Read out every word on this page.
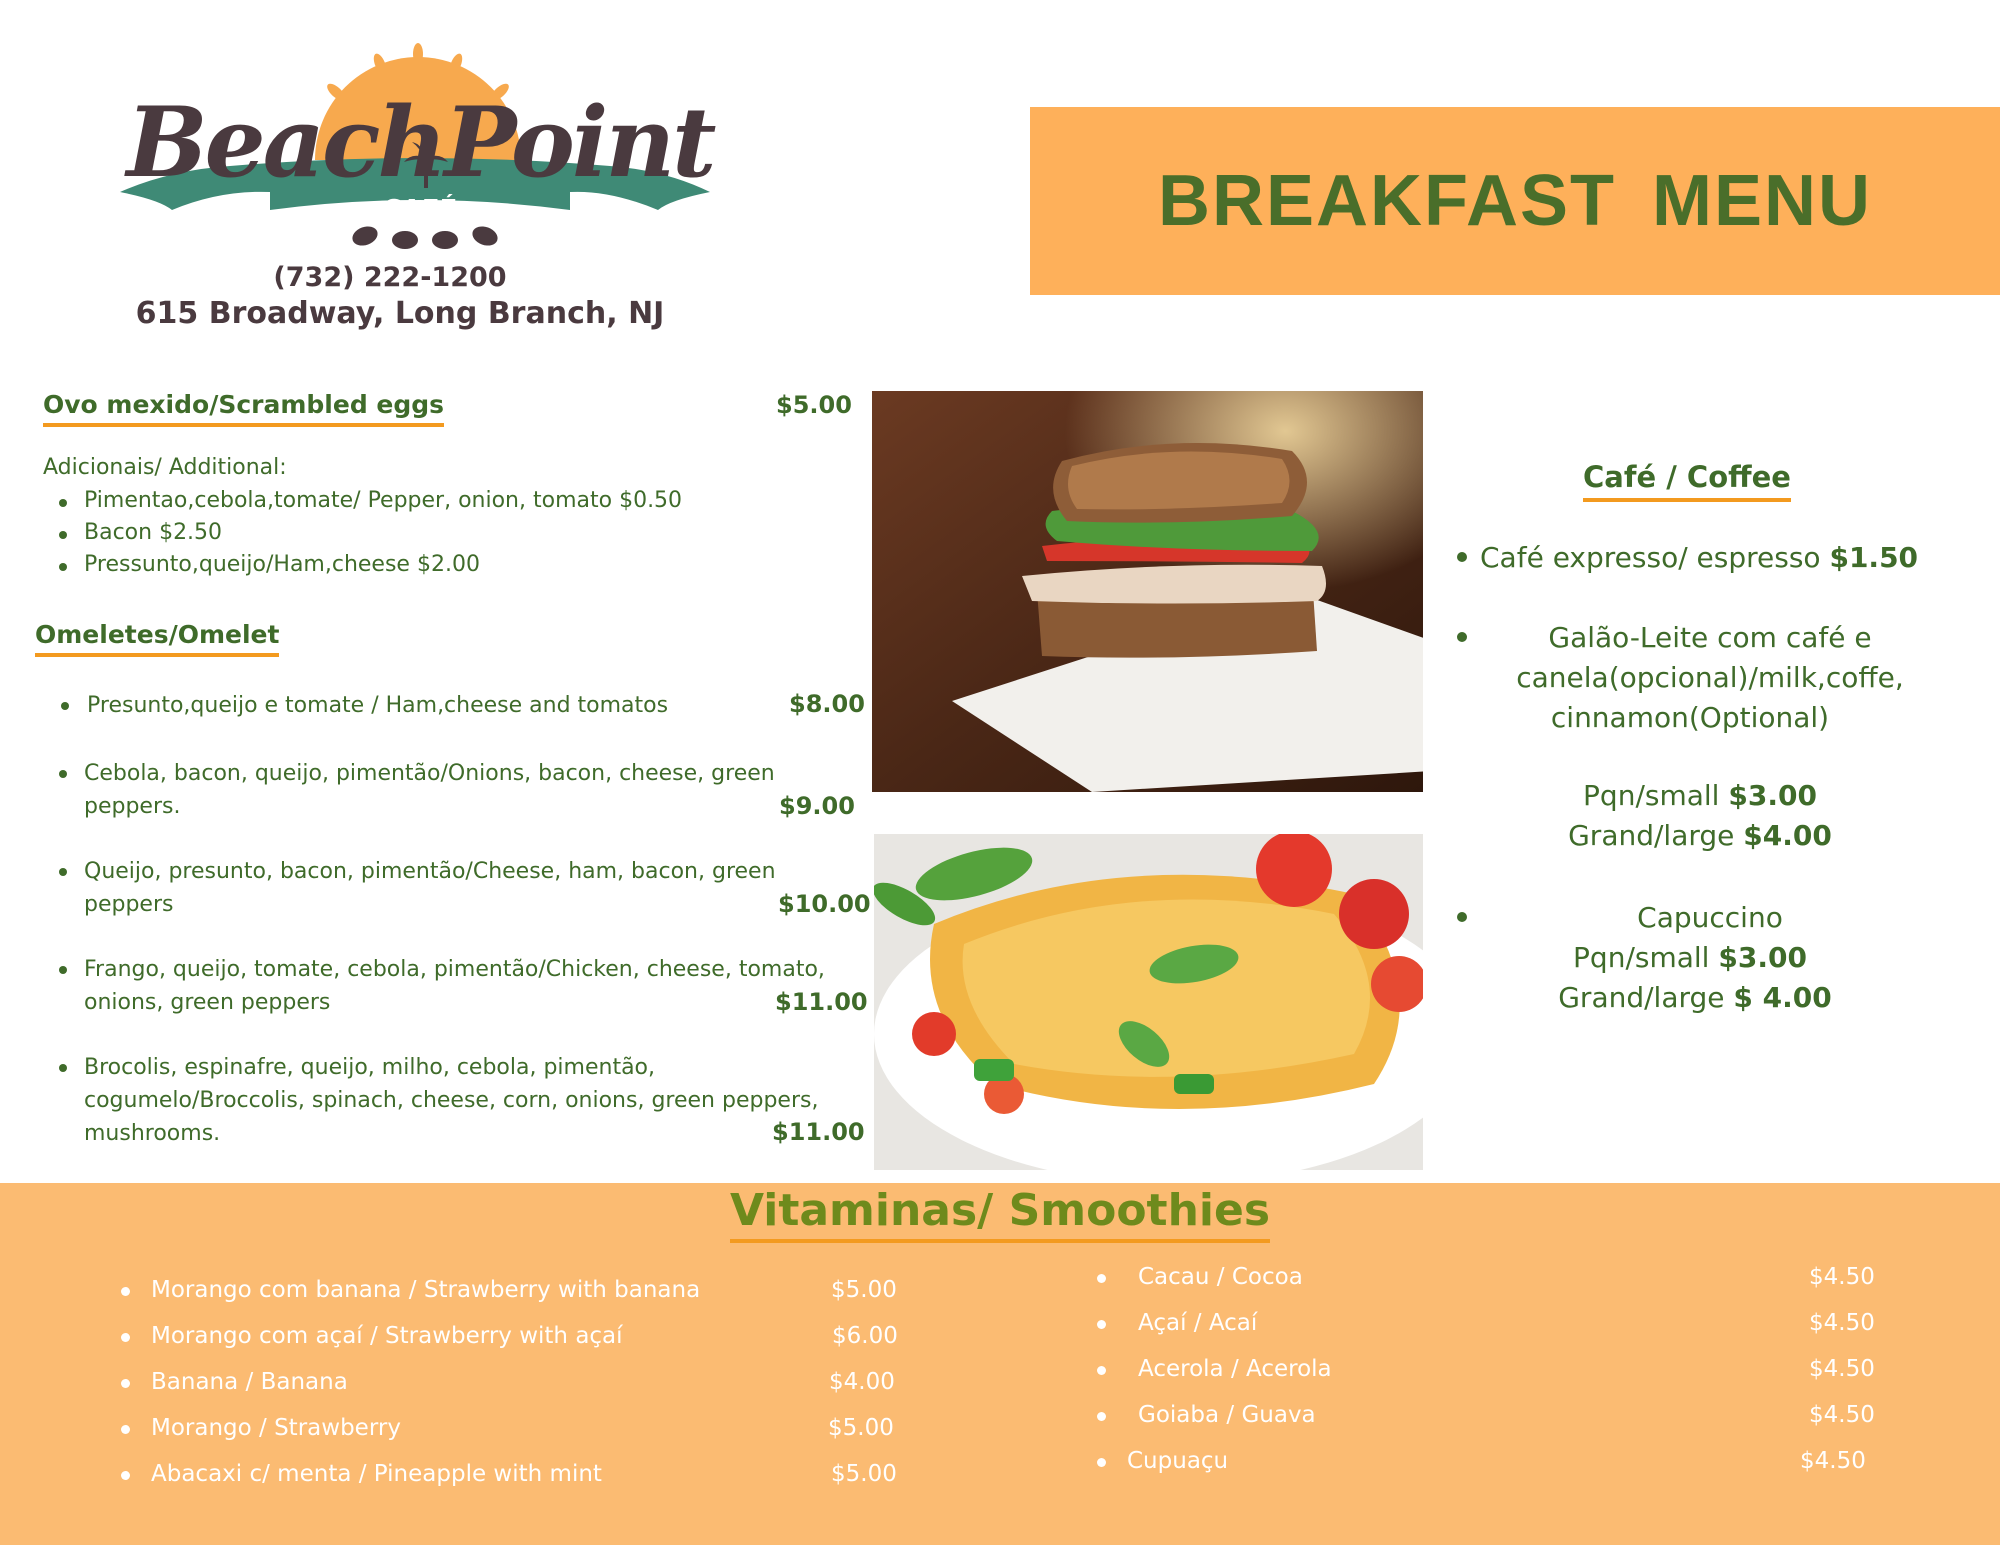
BeachPoint
CAFÉ
(732) 222-1200
615 Broadway, Long Branch, NJ
BREAKFAST MENU
Ovo mexido/Scrambled eggs	$5.00
Adicionais/ Additional:
Pimentao,cebola,tomate/ Pepper, onion, tomato $0.50
Bacon $2.50
Pressunto,queijo/Ham,cheese $2.00
Omeletes/Omelet
Presunto,queijo e tomate / Ham,cheese and tomatos	$8.00
Cebola, bacon, queijo, pimentão/Onions, bacon, cheese, green
peppers.	$9.00
Queijo, presunto, bacon, pimentão/Cheese, ham, bacon, green
peppers	$10.00
Frango, queijo, tomate, cebola, pimentão/Chicken, cheese, tomato,
onions, green peppers	$11.00
Brocolis, espinafre, queijo, milho, cebola, pimentão,
cogumelo/Broccolis, spinach, cheese, corn, onions, green peppers,
mushrooms.	$11.00
Café / Coffee
Café expresso/ espresso $1.50
Galão-Leite com café e
canela(opcional)/milk,coffe,
cinnamon(Optional)
Pqn/small $3.00
Grand/large $4.00
Capuccino
Pqn/small $3.00
Grand/large $ 4.00
Vitaminas/ Smoothies
Morango com banana / Strawberry with banana	$5.00
Morango com açaí / Strawberry with açaí	$6.00
Banana / Banana	$4.00
Morango / Strawberry	$5.00
Abacaxi c/ menta / Pineapple with mint	$5.00
Cacau / Cocoa	$4.50
Açaí / Acaí	$4.50
Acerola / Acerola	$4.50
Goiaba / Guava	$4.50
Cupuaçu	$4.50
